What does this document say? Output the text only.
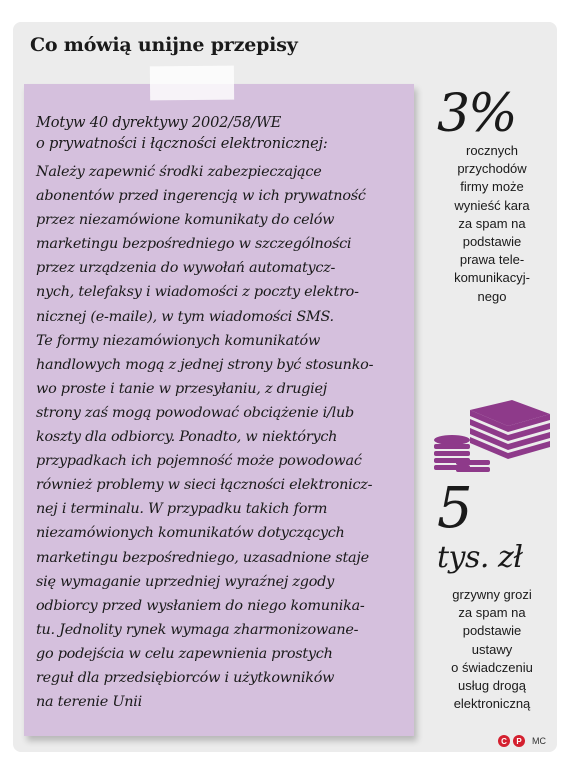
Co mówią unijne przepisy
Motyw 40 dyrektywy 2002/58/WE
o prywatności i łączności elektronicznej:
Należy zapewnić środki zabezpieczające
abonentów przed ingerencją w ich prywatność
przez niezamówione komunikaty do celów
marketingu bezpośredniego w szczególności
przez urządzenia do wywołań automatycz-
nych, telefaksy i wiadomości z poczty elektro-
nicznej (e-maile), w tym wiadomości SMS.
Te formy niezamówionych komunikatów
handlowych mogą z jednej strony być stosunko-
wo proste i tanie w przesyłaniu, z drugiej
strony zaś mogą powodować obciążenie i/lub
koszty dla odbiorcy. Ponadto, w niektórych
przypadkach ich pojemność może powodować
również problemy w sieci łączności elektronicz-
nej i terminalu. W przypadku takich form
niezamówionych komunikatów dotyczących
marketingu bezpośredniego, uzasadnione staje
się wymaganie uprzedniej wyraźnej zgody
odbiorcy przed wysłaniem do niego komunika-
tu. Jednolity rynek wymaga zharmonizowane-
go podejścia w celu zapewnienia prostych
reguł dla przedsiębiorców i użytkowników
na terenie Unii
3%
rocznych
przychodów
firmy może
wynieść kara
za spam na
podstawie
prawa tele-
komunikacyj-
nego
5
tys. zł
grzywny grozi
za spam na
podstawie
ustawy
o świadczeniu
usług drogą
elektroniczną
C	P	MC
